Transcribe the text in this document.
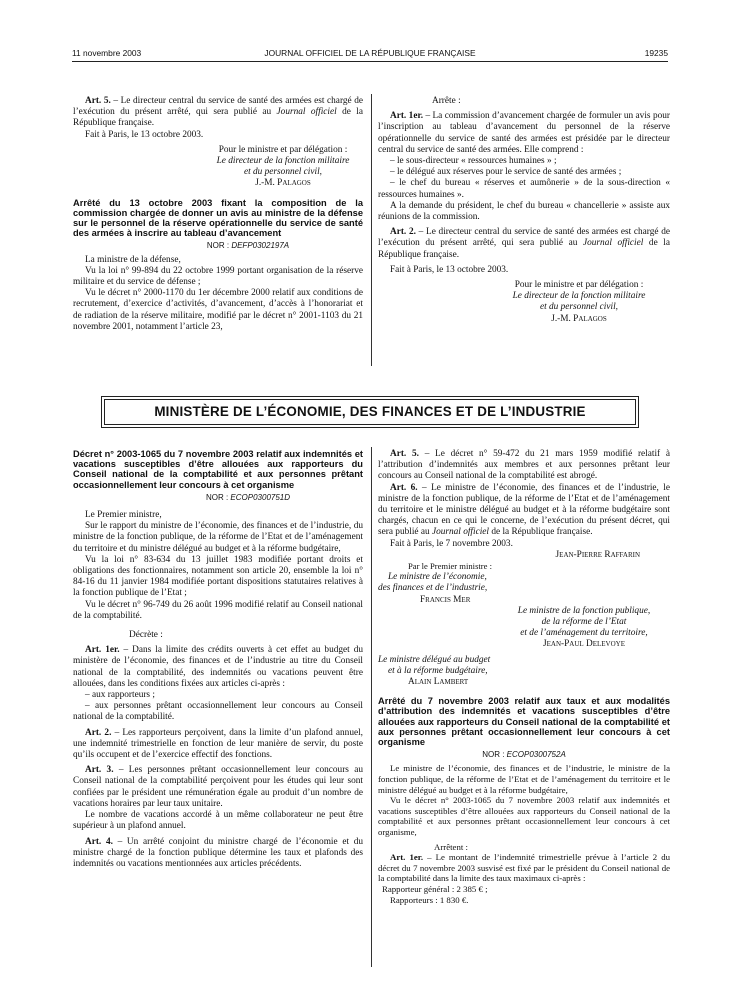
11 novembre 2003	JOURNAL OFFICIEL DE LA RÉPUBLIQUE FRANÇAISE	19235

Art. 5. – Le directeur central du service de santé des armées est chargé de l’exécution du présent arrêté, qui sera publié au Journal officiel de la République française.

Fait à Paris, le 13 octobre 2003.

Pour le ministre et par délégation :

Le directeur de la fonction militaire

et du personnel civil,

J.-M. Palagos

Arrêté du 13 octobre 2003 fixant la composition de la commission chargée de donner un avis au ministre de la défense sur le personnel de la réserve opérationnelle du service de santé des armées à inscrire au tableau d’avancement

NOR : DEFP0302197A

La ministre de la défense,

Vu la loi n° 99-894 du 22 octobre 1999 portant organisation de la réserve militaire et du service de défense ;

Vu le décret n° 2000-1170 du 1er décembre 2000 relatif aux conditions de recrutement, d’exercice d’activités, d’avancement, d’accès à l’honorariat et de radiation de la réserve militaire, modifié par le décret n° 2001-1103 du 21 novembre 2001, notamment l’article 23,

Arrête :

Art. 1er. – La commission d’avancement chargée de formuler un avis pour l’inscription au tableau d’avancement du personnel de la réserve opérationnelle du service de santé des armées est présidée par le directeur central du service de santé des armées. Elle comprend :

– le sous-directeur « ressources humaines » ;

– le délégué aux réserves pour le service de santé des armées ;

– le chef du bureau « réserves et aumônerie » de la sous-direction « ressources humaines ».

A la demande du président, le chef du bureau « chancellerie » assiste aux réunions de la commission.

Art. 2. – Le directeur central du service de santé des armées est chargé de l’exécution du présent arrêté, qui sera publié au Journal officiel de la République française.

Fait à Paris, le 13 octobre 2003.

Pour le ministre et par délégation :

Le directeur de la fonction militaire

et du personnel civil,

J.-M. Palagos

MINISTÈRE DE L’ÉCONOMIE, DES FINANCES ET DE L’INDUSTRIE

Décret n° 2003-1065 du 7 novembre 2003 relatif aux indemnités et vacations susceptibles d’être allouées aux rapporteurs du Conseil national de la comptabilité et aux personnes prêtant occasionnellement leur concours à cet organisme

NOR : ECOP0300751D

Le Premier ministre,

Sur le rapport du ministre de l’économie, des finances et de l’industrie, du ministre de la fonction publique, de la réforme de l’Etat et de l’aménagement du territoire et du ministre délégué au budget et à la réforme budgétaire,

Vu la loi n° 83-634 du 13 juillet 1983 modifiée portant droits et obligations des fonctionnaires, notamment son article 20, ensemble la loi n° 84-16 du 11 janvier 1984 modifiée portant dispositions statutaires relatives à la fonction publique de l’Etat ;

Vu le décret n° 96-749 du 26 août 1996 modifié relatif au Conseil national de la comptabilité.

Décrète :

Art. 1er. – Dans la limite des crédits ouverts à cet effet au budget du ministère de l’économie, des finances et de l’industrie au titre du Conseil national de la comptabilité, des indemnités ou vacations peuvent être allouées, dans les conditions fixées aux articles ci-après :

– aux rapporteurs ;

– aux personnes prêtant occasionnellement leur concours au Conseil national de la comptabilité.

Art. 2. – Les rapporteurs perçoivent, dans la limite d’un plafond annuel, une indemnité trimestrielle en fonction de leur manière de servir, du poste qu’ils occupent et de l’exercice effectif des fonctions.

Art. 3. – Les personnes prêtant occasionnellement leur concours au Conseil national de la comptabilité perçoivent pour les études qui leur sont confiées par le président une rémunération égale au produit d’un nombre de vacations horaires par leur taux unitaire.

Le nombre de vacations accordé à un même collaborateur ne peut être supérieur à un plafond annuel.

Art. 4. – Un arrêté conjoint du ministre chargé de l’économie et du ministre chargé de la fonction publique détermine les taux et plafonds des indemnités ou vacations mentionnées aux articles précédents.

Art. 5. – Le décret n° 59-472 du 21 mars 1959 modifié relatif à l’attribution d’indemnités aux membres et aux personnes prêtant leur concours au Conseil national de la comptabilité est abrogé.

Art. 6. – Le ministre de l’économie, des finances et de l’industrie, le ministre de la fonction publique, de la réforme de l’Etat et de l’aménagement du territoire et le ministre délégué au budget et à la réforme budgétaire sont chargés, chacun en ce qui le concerne, de l’exécution du présent décret, qui sera publié au Journal officiel de la République française.

Fait à Paris, le 7 novembre 2003.

Jean-Pierre Raffarin

Par le Premier ministre :

Le ministre de l’économie,

des finances et de l’industrie,

Francis Mer

Le ministre de la fonction publique,

de la réforme de l’Etat

et de l’aménagement du territoire,

Jean-Paul Delevoye

Le ministre délégué au budget

et à la réforme budgétaire,

Alain Lambert

Arrêté du 7 novembre 2003 relatif aux taux et aux modalités d’attribution des indemnités et vacations susceptibles d’être allouées aux rapporteurs du Conseil national de la comptabilité et aux personnes prêtant occasionnellement leur concours à cet organisme

NOR : ECOP0300752A

Le ministre de l’économie, des finances et de l’industrie, le ministre de la fonction publique, de la réforme de l’Etat et de l’aménagement du territoire et le ministre délégué au budget et à la réforme budgétaire,

Vu le décret n° 2003-1065 du 7 novembre 2003 relatif aux indemnités et vacations susceptibles d’être allouées aux rapporteurs du Conseil national de la comptabilité et aux personnes prêtant occasionnellement leur concours à cet organisme,

Arrêtent :

Art. 1er. – Le montant de l’indemnité trimestrielle prévue à l’article 2 du décret du 7 novembre 2003 susvisé est fixé par le président du Conseil national de la comptabilité dans la limite des taux maximaux ci-après :

Rapporteur général : 2 385 € ;

Rapporteurs : 1 830 €.
